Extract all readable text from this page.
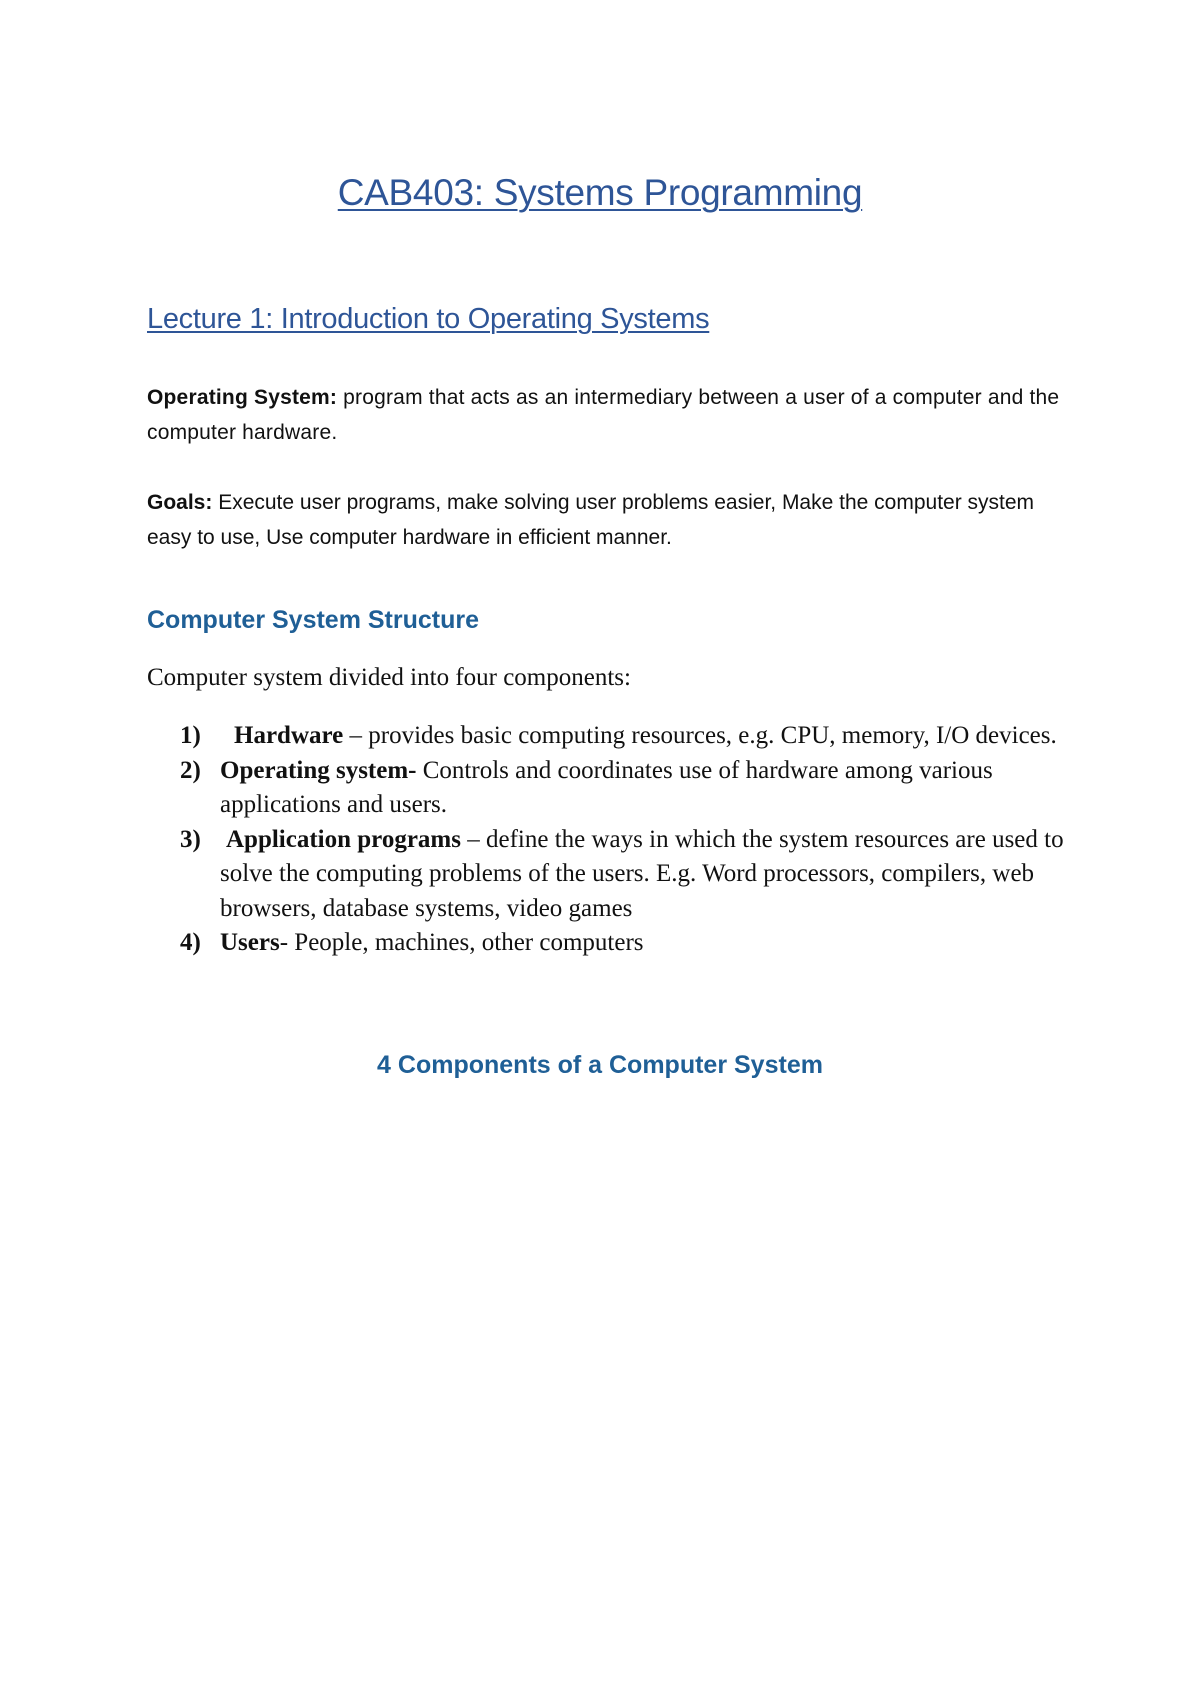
CAB403: Systems Programming
Lecture 1: Introduction to Operating Systems
Operating System: program that acts as an intermediary between a user of a computer and the computer hardware.
Goals: Execute user programs, make solving user problems easier, Make the computer system easy to use, Use computer hardware in efficient manner.
Computer System Structure
Computer system divided into four components:
1) Hardware – provides basic computing resources, e.g. CPU, memory, I/O devices.
2) Operating system- Controls and coordinates use of hardware among various applications and users.
3) Application programs – define the ways in which the system resources are used to solve the computing problems of the users. E.g. Word processors, compilers, web browsers, database systems, video games
4) Users- People, machines, other computers
4 Components of a Computer System
